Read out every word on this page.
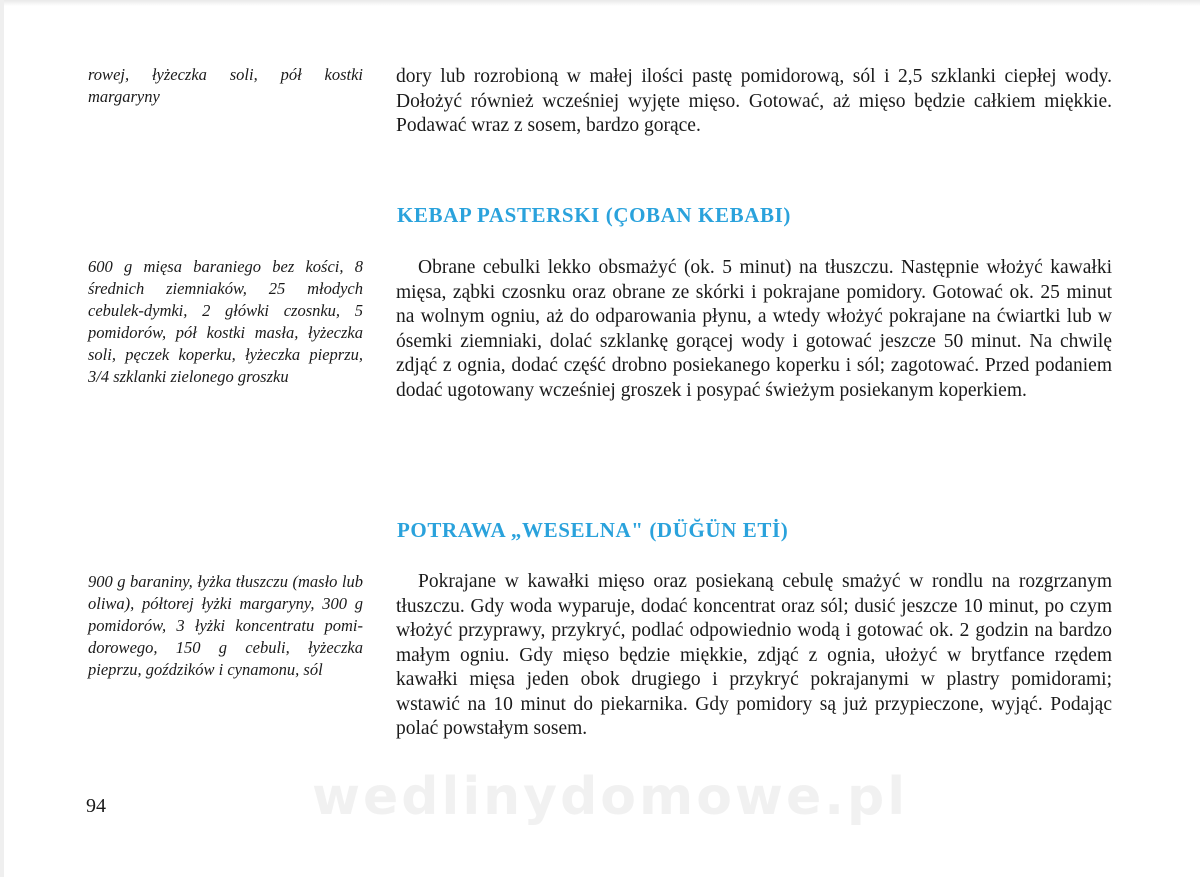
rowej, łyżeczka soli, pół kostki margaryny
dory lub rozrobioną w małej ilości pastę pomidorową, sól i 2,5 szklanki ciepłej wody. Dołożyć również wcześniej wyjęte mięso. Gotować, aż mięso będzie całkiem miękkie. Podawać wraz z sosem, bardzo gorące.
KEBAP PASTERSKI (ÇOBAN KEBABI)
600 g mięsa baraniego bez kości, 8 średnich ziemniaków, 25 młodych cebulek-dymki, 2 główki czosnku, 5 pomidorów, pół kostki masła, łyżeczka soli, pęczek koperku, łyżeczka pieprzu, 3/4 szklanki zielonego groszku
Obrane cebulki lekko obsmażyć (ok. 5 minut) na tłuszczu. Następnie włożyć kawałki mięsa, ząbki czosnku oraz obrane ze skórki i pokrajane pomidory. Gotować ok. 25 minut na wolnym ogniu, aż do odparowania płynu, a wtedy włożyć pokrajane na ćwiartki lub w ósemki ziemniaki, dolać szklankę gorącej wody i gotować jeszcze 50 minut. Na chwilę zdjąć z ognia, dodać część drobno posiekanego koperku i sól; zagotować. Przed podaniem dodać ugotowany wcześniej groszek i posypać świeżym posiekanym koperkiem.
POTRAWA „WESELNA" (DÜĞÜN ETİ)
900 g baraniny, łyżka tłuszczu (masło lub oliwa), półtorej łyżki margaryny, 300 g pomidorów, 3 łyżki koncentratu pomidorowego, 150 g cebuli, łyżeczka pieprzu, goździków i cynamonu, sól
Pokrajane w kawałki mięso oraz posiekaną cebulę smażyć w rondlu na rozgrzanym tłuszczu. Gdy woda wyparuje, dodać koncentrat oraz sól; dusić jeszcze 10 minut, po czym włożyć przyprawy, przykryć, podlać odpowiednio wodą i gotować ok. 2 godzin na bardzo małym ogniu. Gdy mięso będzie miękkie, zdjąć z ognia, ułożyć w brytfance rzędem kawałki mięsa jeden obok drugiego i przykryć pokrajanymi w plastry pomidorami; wstawić na 10 minut do piekarnika. Gdy pomidory są już przypieczone, wyjąć. Podając polać powstałym sosem.
94	wedlinydomowe.pl
